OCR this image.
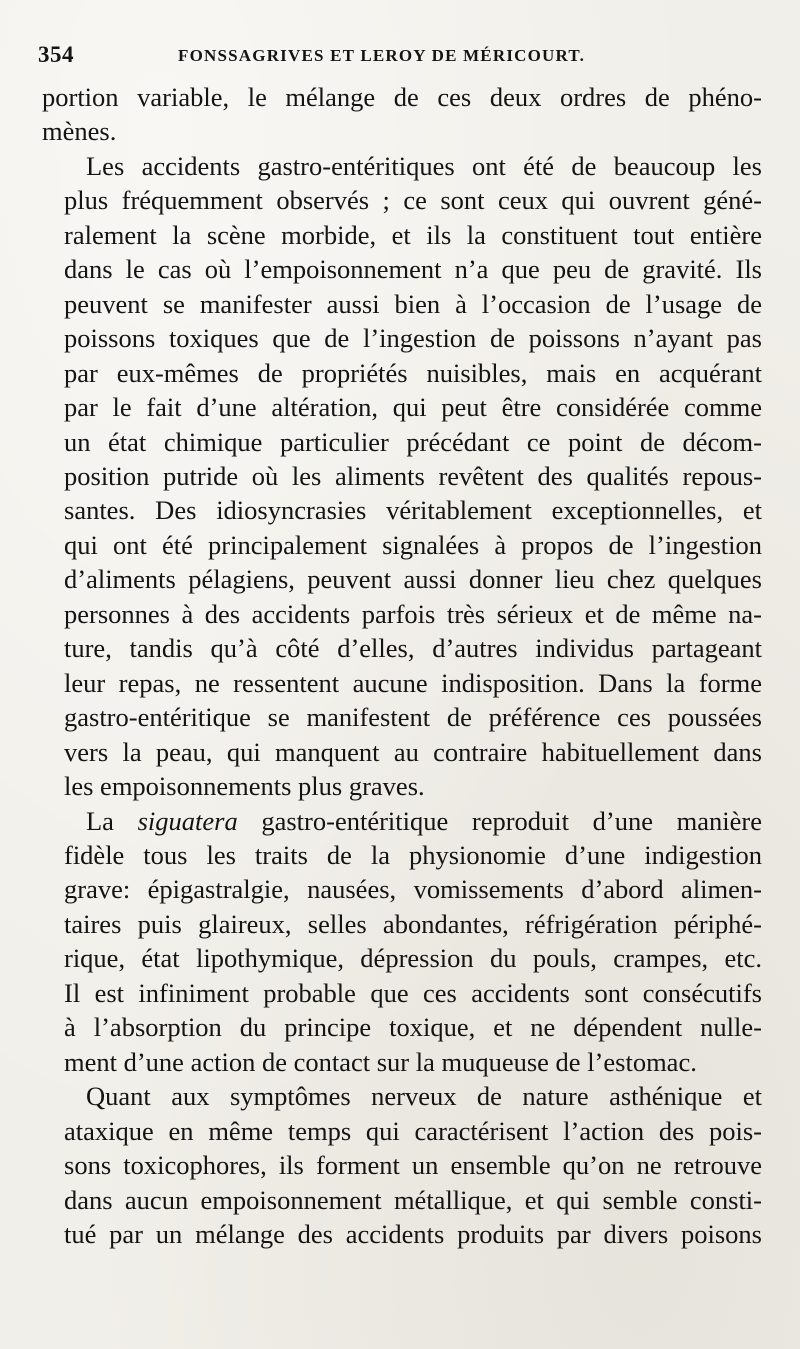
354	FONSSAGRIVES ET LEROY DE MÉRICOURT.
portion variable, le mélange de ces deux ordres de phéno-
mènes.
Les accidents gastro-entéritiques ont été de beaucoup les
plus fréquemment observés ; ce sont ceux qui ouvrent géné-
ralement la scène morbide, et ils la constituent tout entière
dans le cas où l’empoisonnement n’a que peu de gravité. Ils
peuvent se manifester aussi bien à l’occasion de l’usage de
poissons toxiques que de l’ingestion de poissons n’ayant pas
par eux-mêmes de propriétés nuisibles, mais en acquérant
par le fait d’une altération, qui peut être considérée comme
un état chimique particulier précédant ce point de décom-
position putride où les aliments revêtent des qualités repous-
santes. Des idiosyncrasies véritablement exceptionnelles, et
qui ont été principalement signalées à propos de l’ingestion
d’aliments pélagiens, peuvent aussi donner lieu chez quelques
personnes à des accidents parfois très sérieux et de même na-
ture, tandis qu’à côté d’elles, d’autres individus partageant
leur repas, ne ressentent aucune indisposition. Dans la forme
gastro-entéritique se manifestent de préférence ces poussées
vers la peau, qui manquent au contraire habituellement dans
les empoisonnements plus graves.
La siguatera gastro-entéritique reproduit d’une manière
fidèle tous les traits de la physionomie d’une indigestion
grave: épigastralgie, nausées, vomissements d’abord alimen-
taires puis glaireux, selles abondantes, réfrigération périphé-
rique, état lipothymique, dépression du pouls, crampes, etc.
Il est infiniment probable que ces accidents sont consécutifs
à l’absorption du principe toxique, et ne dépendent nulle-
ment d’une action de contact sur la muqueuse de l’estomac.
Quant aux symptômes nerveux de nature asthénique et
ataxique en même temps qui caractérisent l’action des pois-
sons toxicophores, ils forment un ensemble qu’on ne retrouve
dans aucun empoisonnement métallique, et qui semble consti-
tué par un mélange des accidents produits par divers poisons
